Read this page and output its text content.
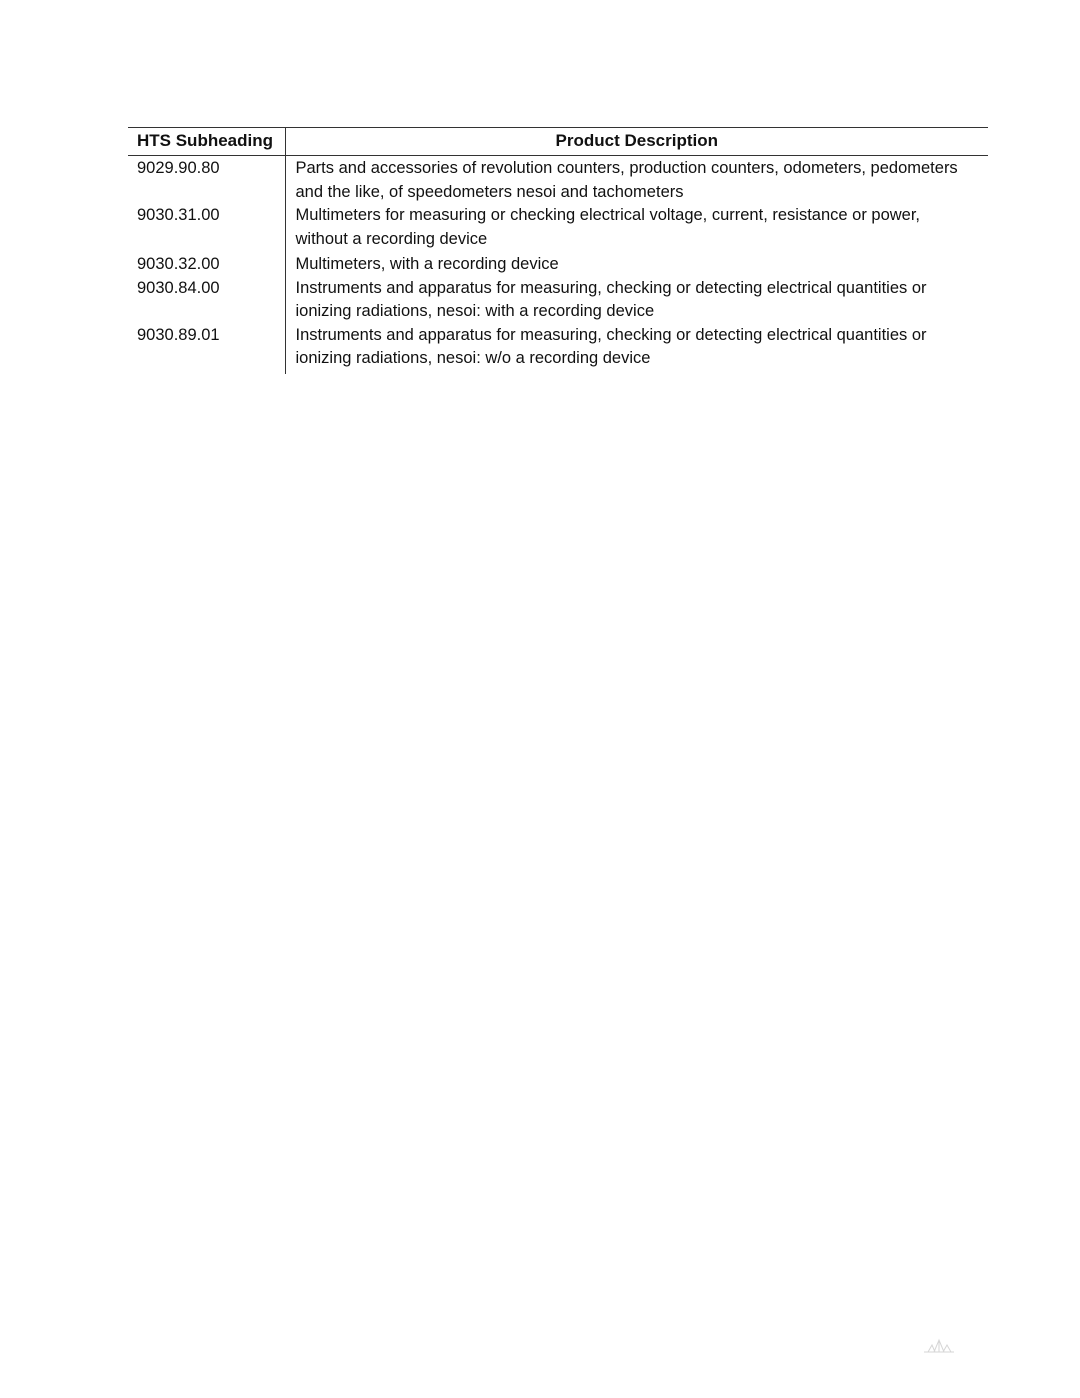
HTS Subheading	Product Description
9029.90.80	Parts and accessories of revolution counters, production counters, odometers, pedometers and the like, of speedometers nesoi and tachometers
9030.31.00	Multimeters for measuring or checking electrical voltage, current, resistance or power, without a recording device
9030.32.00	Multimeters, with a recording device
9030.84.00	Instruments and apparatus for measuring, checking or detecting electrical quantities or ionizing radiations, nesoi: with a recording device
9030.89.01	Instruments and apparatus for measuring, checking or detecting electrical quantities or ionizing radiations, nesoi: w/o a recording device
